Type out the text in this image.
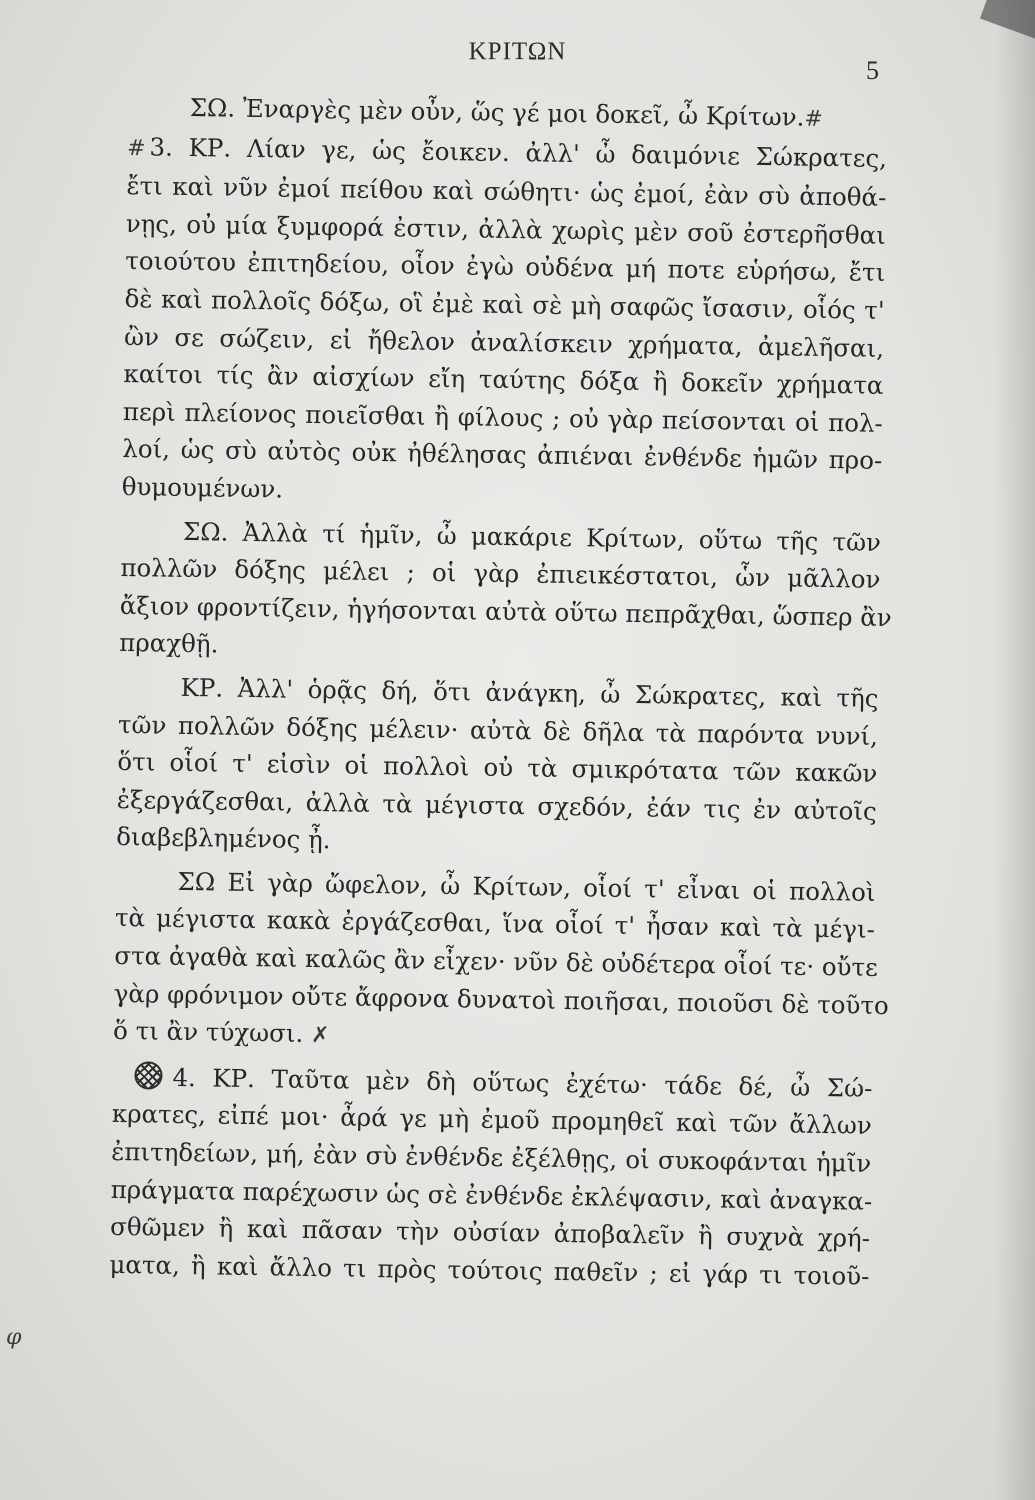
ΚΡΙΤΩΝ
5
ΣΩ. Ἐναργὲς μὲν οὖν, ὥς γέ μοι δοκεῖ, ὦ Κρίτων.#
# 3. ΚΡ. Λίαν γε, ὡς ἔοικεν. ἀλλ' ὦ δαιμόνιε Σώκρατες,
ἔτι καὶ νῦν ἐμοί πείθου καὶ σώθητι· ὡς ἐμοί, ἐὰν σὺ ἀποθά-
νῃς, οὐ μία ξυμφορά ἐστιν, ἀλλὰ χωρὶς μὲν σοῦ ἐστερῆσθαι
τοιούτου ἐπιτηδείου, οἷον ἐγὼ οὐδένα μή ποτε εὑρήσω, ἔτι
δὲ καὶ πολλοῖς δόξω, οἳ ἐμὲ καὶ σὲ μὴ σαφῶς ἴσασιν, οἷός τ'
ὢν σε σώζειν, εἰ ἤθελον ἀναλίσκειν χρήματα, ἀμελῆσαι,
καίτοι τίς ἂν αἰσχίων εἴη ταύτης δόξα ἢ δοκεῖν χρήματα
περὶ πλείονος ποιεῖσθαι ἢ φίλους ; οὐ γὰρ πείσονται οἱ πολ-
λοί, ὡς σὺ αὐτὸς οὐκ ἠθέλησας ἀπιέναι ἐνθένδε ἡμῶν προ-
θυμουμένων.
ΣΩ. Ἀλλὰ τί ἡμῖν, ὦ μακάριε Κρίτων, οὕτω τῆς τῶν
πολλῶν δόξης μέλει ; οἱ γὰρ ἐπιεικέστατοι, ὧν μᾶλλον
ἄξιον φροντίζειν, ἡγήσονται αὐτὰ οὕτω πεπρᾶχθαι, ὥσπερ ἂν
πραχθῇ.
ΚΡ. Ἀλλ' ὁρᾷς δή, ὅτι ἀνάγκη, ὦ Σώκρατες, καὶ τῆς
τῶν πολλῶν δόξης μέλειν· αὐτὰ δὲ δῆλα τὰ παρόντα νυνί,
ὅτι οἷοί τ' εἰσὶν οἱ πολλοὶ οὐ τὰ σμικρότατα τῶν κακῶν
ἐξεργάζεσθαι, ἀλλὰ τὰ μέγιστα σχεδόν, ἐάν τις ἐν αὐτοῖς
διαβεβλημένος ᾖ.
ΣΩ Εἰ γὰρ ὤφελον, ὦ Κρίτων, οἷοί τ' εἶναι οἱ πολλοὶ
τὰ μέγιστα κακὰ ἐργάζεσθαι, ἵνα οἷοί τ' ἦσαν καὶ τὰ μέγι-
στα ἀγαθὰ καὶ καλῶς ἂν εἶχεν· νῦν δὲ οὐδέτερα οἷοί τε· οὔτε
γὰρ φρόνιμον οὔτε ἄφρονα δυνατοὶ ποιῆσαι, ποιοῦσι δὲ τοῦτο
ὅ τι ἂν τύχωσι. ✗
4. ΚΡ. Ταῦτα μὲν δὴ οὕτως ἐχέτω· τάδε δέ, ὦ Σώ-
κρατες, εἰπέ μοι· ἆρά γε μὴ ἐμοῦ προμηθεῖ καὶ τῶν ἄλλων
ἐπιτηδείων, μή, ἐὰν σὺ ἐνθένδε ἐξέλθῃς, οἱ συκοφάνται ἡμῖν
πράγματα παρέχωσιν ὡς σὲ ἐνθένδε ἐκλέψασιν, καὶ ἀναγκα-
σθῶμεν ἢ καὶ πᾶσαν τὴν οὐσίαν ἀποβαλεῖν ἢ συχνὰ χρή-
ματα, ἢ καὶ ἄλλο τι πρὸς τούτοις παθεῖν ; εἰ γάρ τι τοιοῦ-
φ
